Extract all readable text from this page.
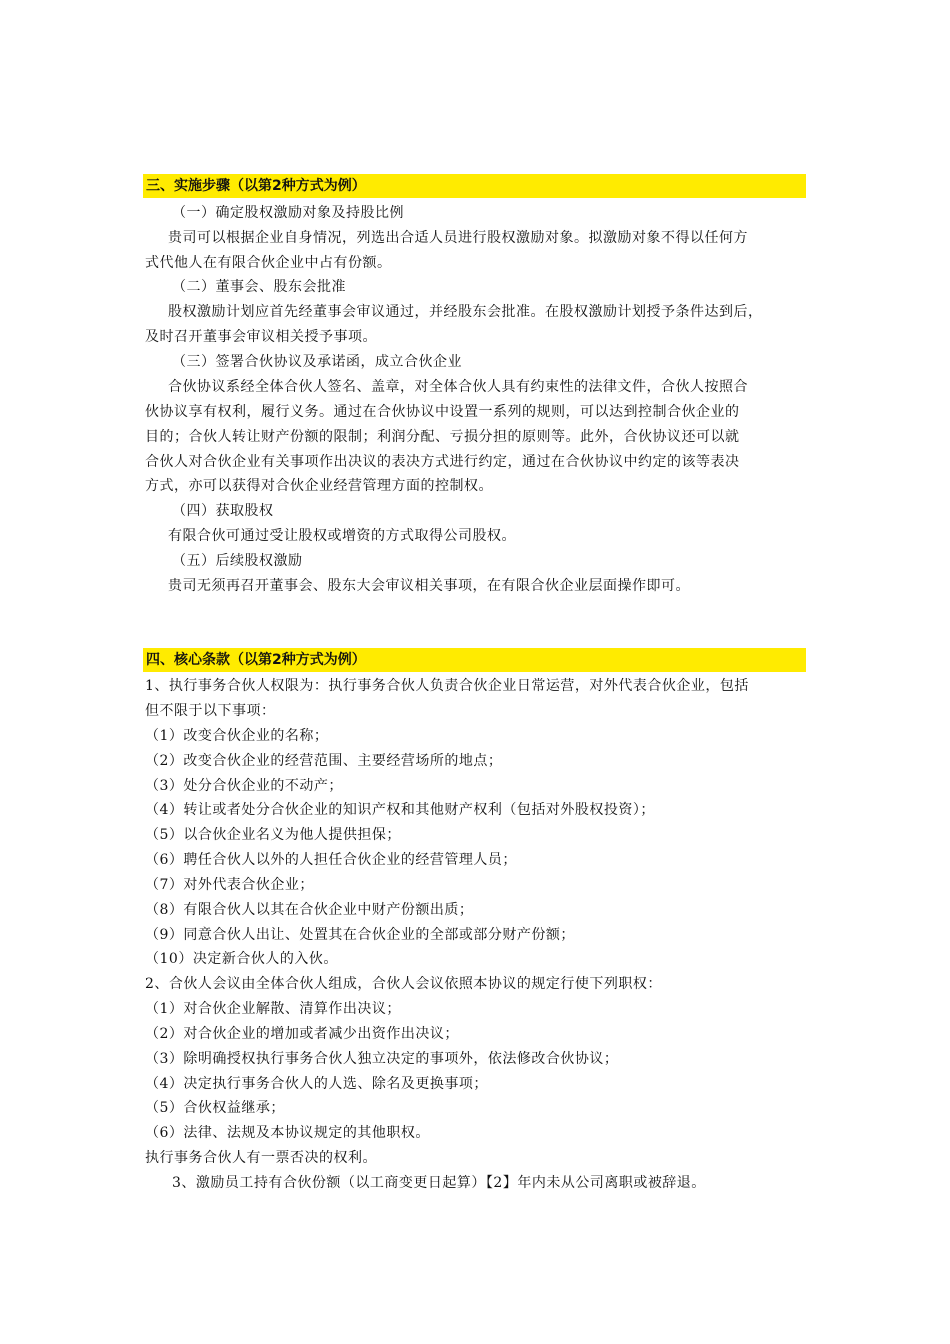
三、实施步骤（以第2种方式为例）
（一）确定股权激励对象及持股比例
贵司可以根据企业自身情况，列选出合适人员进行股权激励对象。拟激励对象不得以任何方
式代他人在有限合伙企业中占有份额。
（二）董事会、股东会批准
股权激励计划应首先经董事会审议通过，并经股东会批准。在股权激励计划授予条件达到后，
及时召开董事会审议相关授予事项。
（三）签署合伙协议及承诺函，成立合伙企业
合伙协议系经全体合伙人签名、盖章，对全体合伙人具有约束性的法律文件，合伙人按照合
伙协议享有权利，履行义务。通过在合伙协议中设置一系列的规则，可以达到控制合伙企业的
目的；合伙人转让财产份额的限制；利润分配、亏损分担的原则等。此外，合伙协议还可以就
合伙人对合伙企业有关事项作出决议的表决方式进行约定，通过在合伙协议中约定的该等表决
方式，亦可以获得对合伙企业经营管理方面的控制权。
（四）获取股权
有限合伙可通过受让股权或增资的方式取得公司股权。
（五）后续股权激励
贵司无须再召开董事会、股东大会审议相关事项，在有限合伙企业层面操作即可。
四、核心条款（以第2种方式为例）
1、执行事务合伙人权限为：执行事务合伙人负责合伙企业日常运营，对外代表合伙企业，包括
但不限于以下事项：
（1）改变合伙企业的名称；
（2）改变合伙企业的经营范围、主要经营场所的地点；
（3）处分合伙企业的不动产；
（4）转让或者处分合伙企业的知识产权和其他财产权利（包括对外股权投资）；
（5）以合伙企业名义为他人提供担保；
（6）聘任合伙人以外的人担任合伙企业的经营管理人员；
（7）对外代表合伙企业；
（8）有限合伙人以其在合伙企业中财产份额出质；
（9）同意合伙人出让、处置其在合伙企业的全部或部分财产份额；
（10）决定新合伙人的入伙。
2、合伙人会议由全体合伙人组成，合伙人会议依照本协议的规定行使下列职权：
（1）对合伙企业解散、清算作出决议；
（2）对合伙企业的增加或者减少出资作出决议；
（3）除明确授权执行事务合伙人独立决定的事项外，依法修改合伙协议；
（4）决定执行事务合伙人的人选、除名及更换事项；
（5）合伙权益继承；
（6）法律、法规及本协议规定的其他职权。
执行事务合伙人有一票否决的权利。
3、激励员工持有合伙份额（以工商变更日起算）【2】年内未从公司离职或被辞退。
